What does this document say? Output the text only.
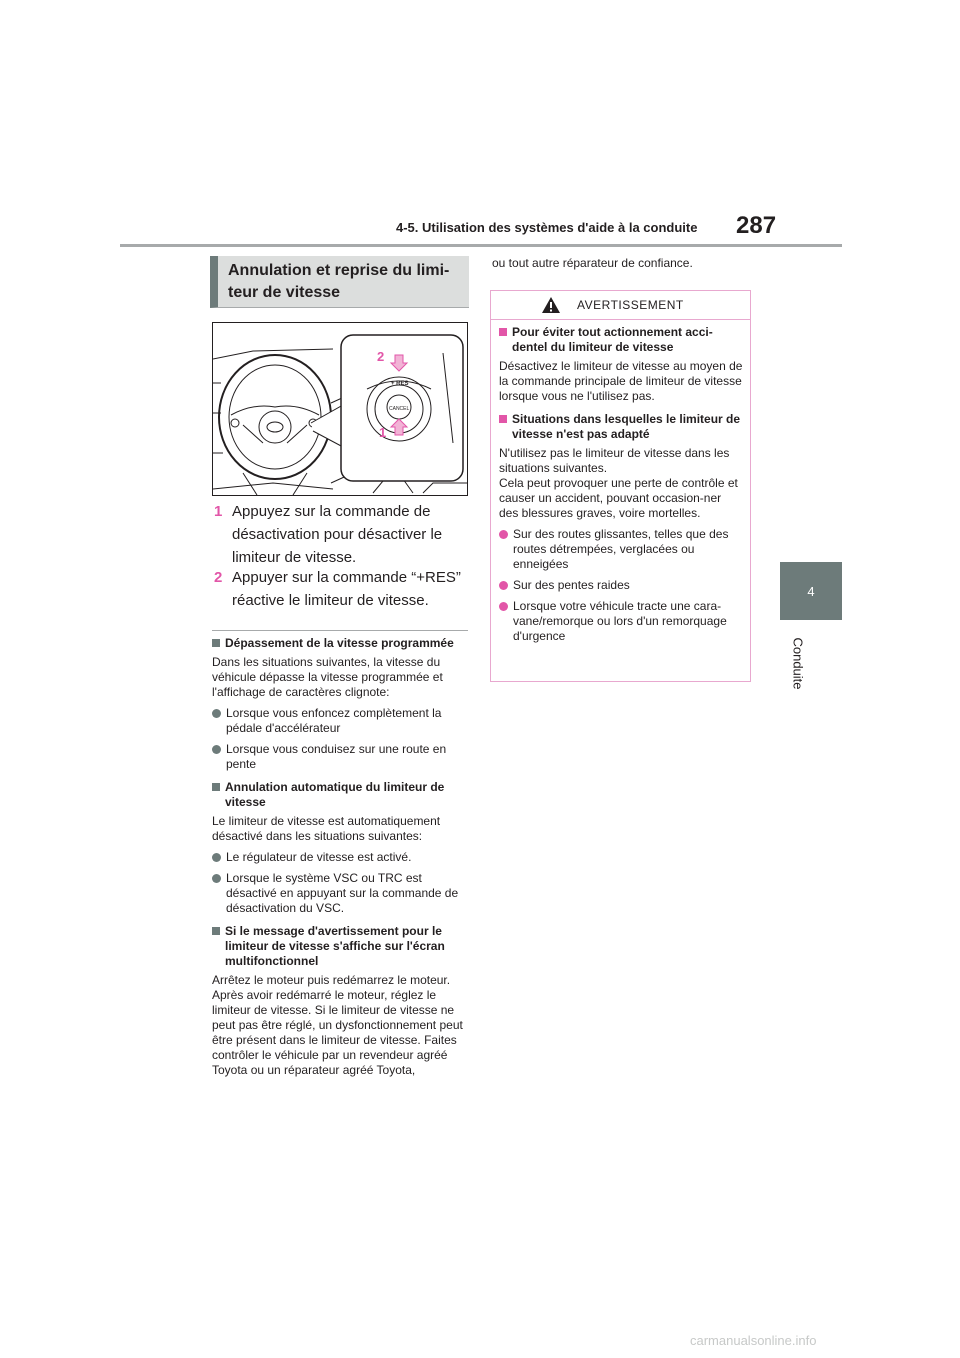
4-5. Utilisation des systèmes d'aide à la conduite 287
4
Conduite
Annulation et reprise du limi-teur de vitesse
+ RES
CANCEL
2
1
1 Appuyez sur la commande de désactivation pour désactiver le limiteur de vitesse.
2 Appuyer sur la commande “+RES” réactive le limiteur de vitesse.
Dépassement de la vitesse programmée

Dans les situations suivantes, la vitesse du véhicule dépasse la vitesse programmée et l'affichage de caractères clignote:

Lorsque vous enfoncez complètement la pédale d'accélérateur
Lorsque vous conduisez sur une route en pente
Annulation automatique du limiteur de vitesse

Le limiteur de vitesse est automatiquement désactivé dans les situations suivantes:

Le régulateur de vitesse est activé.
Lorsque le système VSC ou TRC est désactivé en appuyant sur la commande de désactivation du VSC.
Si le message d'avertissement pour le limiteur de vitesse s'affiche sur l'écran multifonctionnel

Arrêtez le moteur puis redémarrez le moteur. Après avoir redémarré le moteur, réglez le limiteur de vitesse. Si le limiteur de vitesse ne peut pas être réglé, un dysfonctionnement peut être présent dans le limiteur de vitesse. Faites contrôler le véhicule par un revendeur agréé Toyota ou un réparateur agréé Toyota,

ou tout autre réparateur de confiance.
AVERTISSEMENT
Pour éviter tout actionnement acci-dentel du limiteur de vitesse

Désactivez le limiteur de vitesse au moyen de la commande principale de limiteur de vitesse lorsque vous ne l'utilisez pas.

Situations dans lesquelles le limiteur de vitesse n'est pas adapté

N'utilisez pas le limiteur de vitesse dans les situations suivantes.

Cela peut provoquer une perte de contrôle et causer un accident, pouvant occasion-ner des blessures graves, voire mortelles.

Sur des routes glissantes, telles que des routes détrempées, verglacées ou enneigées
Sur des pentes raides
Lorsque votre véhicule tracte une cara-vane/remorque ou lors d'un remorquage d'urgence
carmanualsonline.info
